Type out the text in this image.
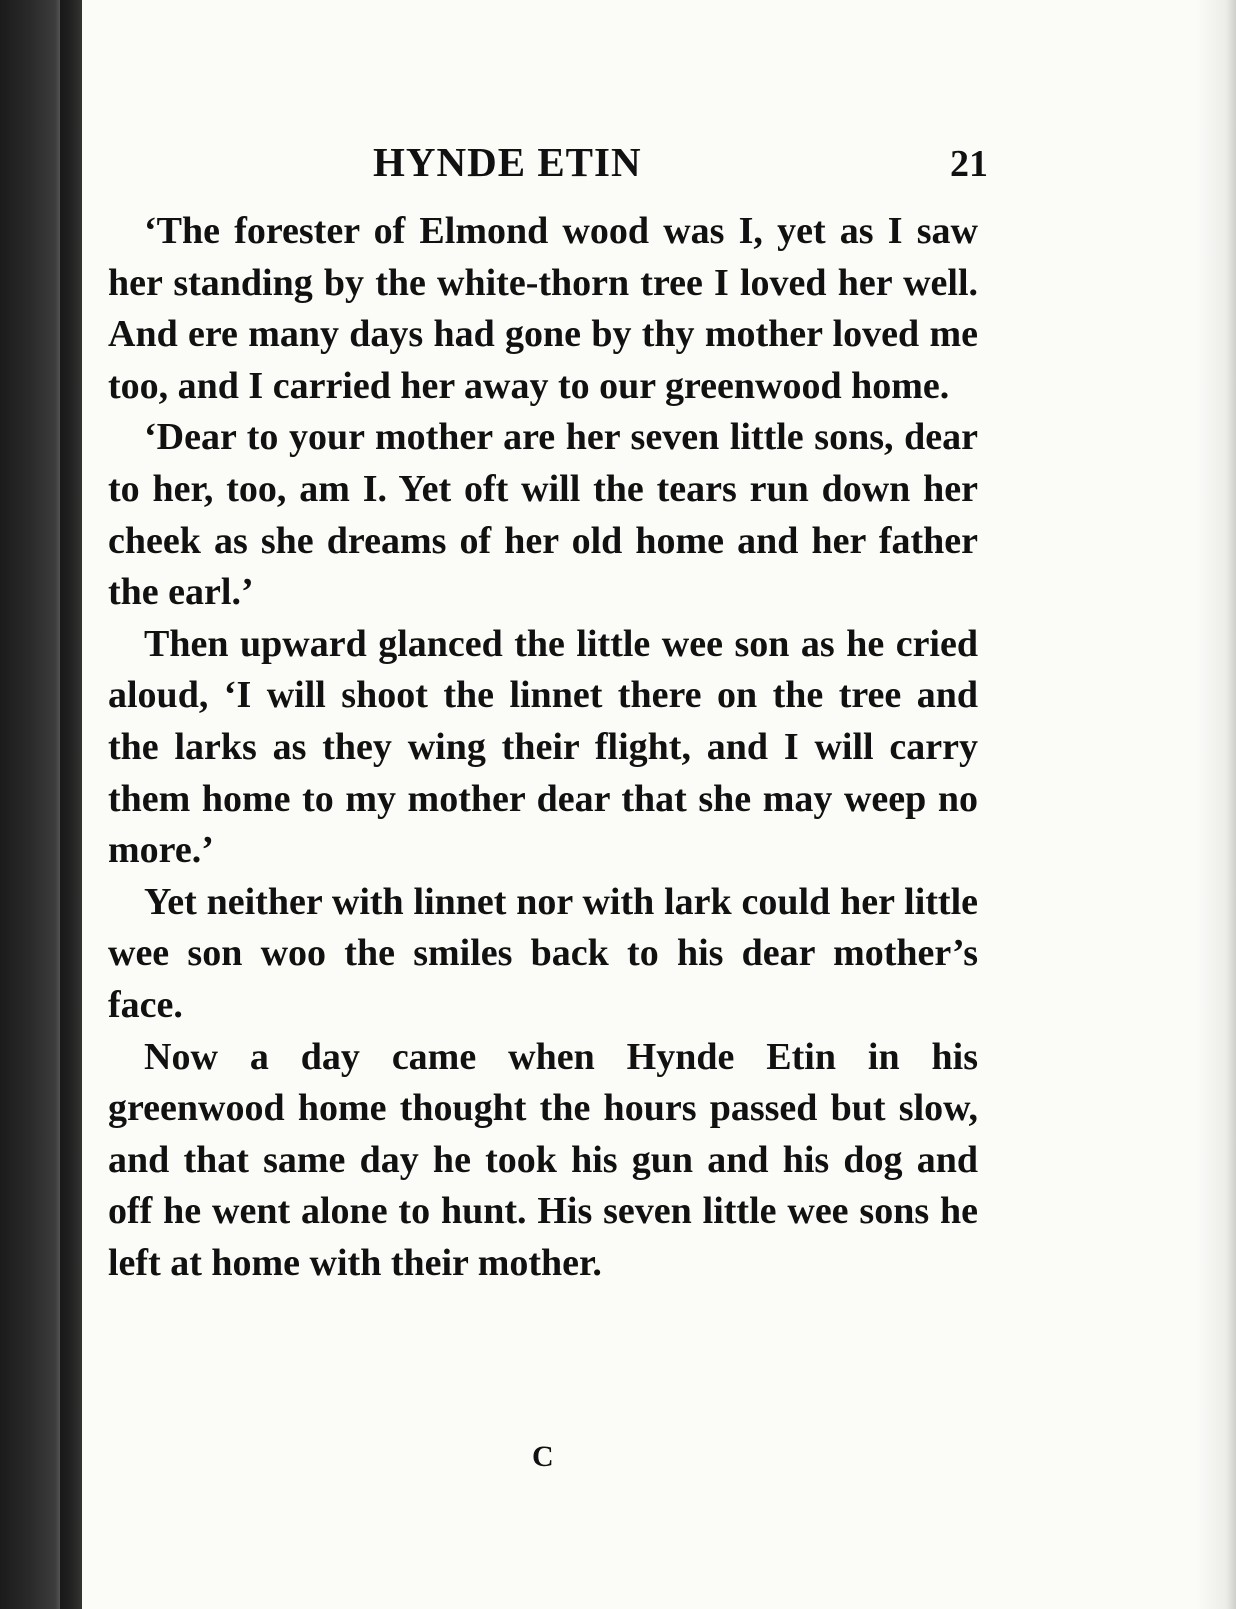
HYNDE ETIN	21

‘The forester of Elmond wood was I, yet as I saw her standing by the white-thorn tree I loved her well. And ere many days had gone by thy mother loved me too, and I carried her away to our greenwood home.

‘Dear to your mother are her seven little sons, dear to her, too, am I. Yet oft will the tears run down her cheek as she dreams of her old home and her father the earl.’

Then upward glanced the little wee son as he cried aloud, ‘I will shoot the linnet there on the tree and the larks as they wing their flight, and I will carry them home to my mother dear that she may weep no more.’

Yet neither with linnet nor with lark could her little wee son woo the smiles back to his dear mother’s face.

Now a day came when Hynde Etin in his greenwood home thought the hours passed but slow, and that same day he took his gun and his dog and off he went alone to hunt. His seven little wee sons he left at home with their mother.

C
